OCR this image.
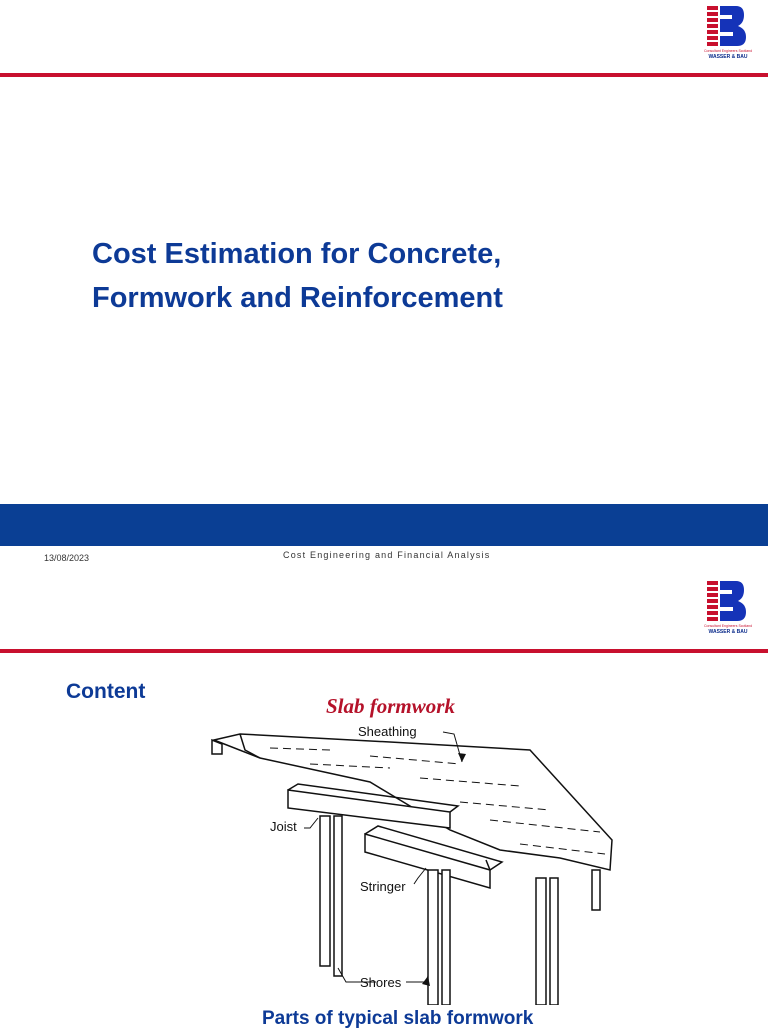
Consultant Engineers Scotland
WASSER & BAU
Cost Estimation for Concrete,
Formwork and Reinforcement
13/08/2023	Cost Engineering and Financial Analysis
Consultant Engineers Scotland
WASSER & BAU
Content
Slab formwork
Sheathing
Joist
Stringer
Shores
Parts of typical slab formwork
